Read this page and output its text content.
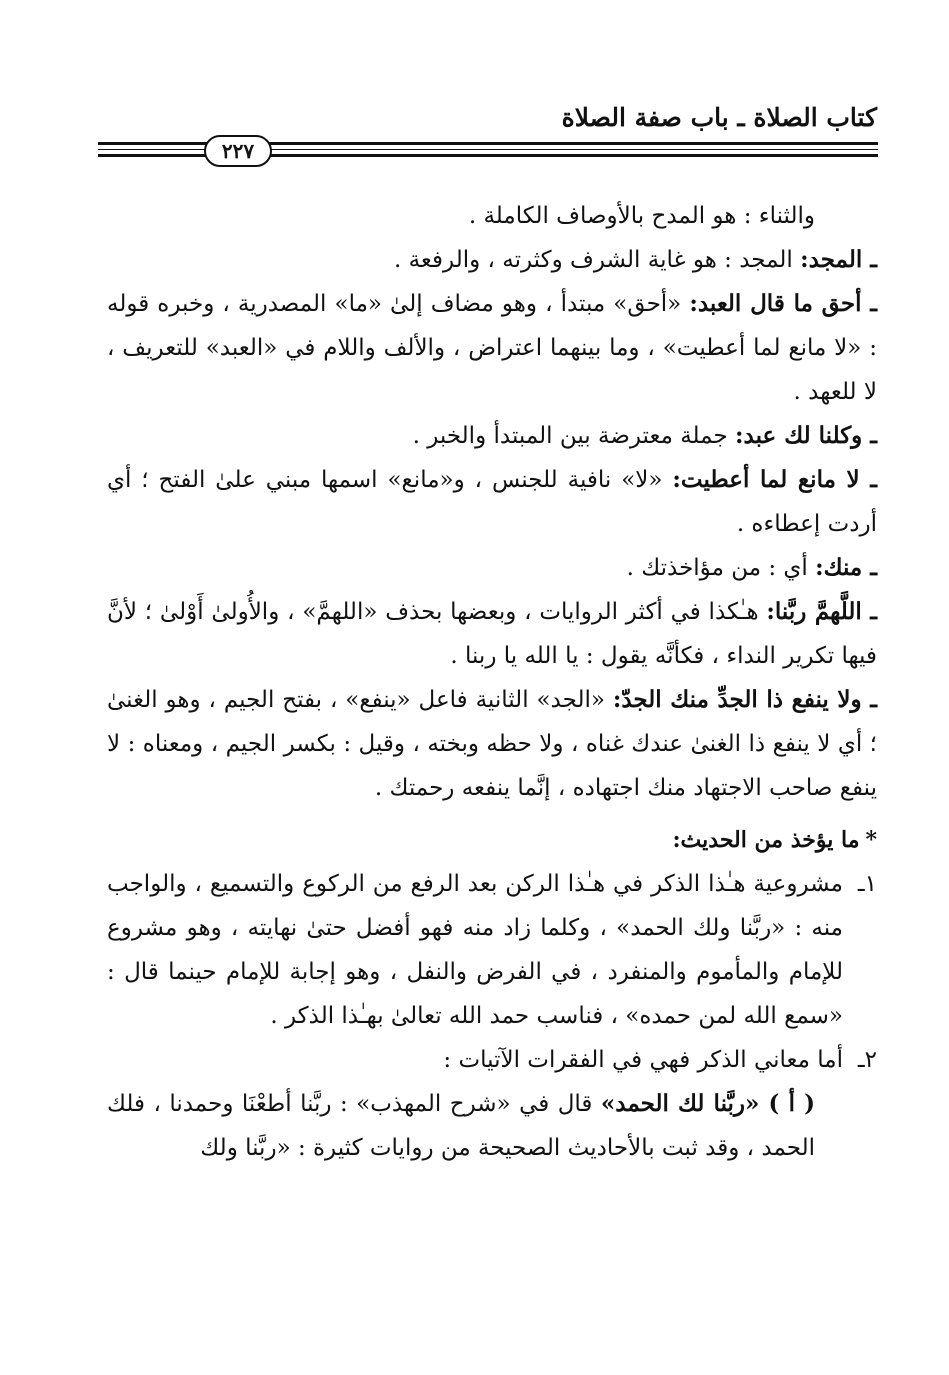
كتاب الصلاة ـ باب صفة الصلاة
٢٢٧

والثناء : هو المدح بالأوصاف الكاملة .

ـ المجد: المجد : هو غاية الشرف وكثرته ، والرفعة .

ـ أحق ما قال العبد: «أحق» مبتدأ ، وهو مضاف إلىٰ «ما» المصدرية ، وخبره قوله : «لا مانع لما أعطيت» ، وما بينهما اعتراض ، والألف واللام في «العبد» للتعريف ، لا للعهد .

ـ وكلنا لك عبد: جملة معترضة بين المبتدأ والخبر .

ـ لا مانع لما أعطيت: «لا» نافية للجنس ، و«مانع» اسمها مبني علىٰ الفتح ؛ أي أردت إعطاءه .

ـ منك: أي : من مؤاخذتك .

ـ اللَّهمَّ ربَّنا: هـٰكذا في أكثر الروايات ، وبعضها بحذف «اللهمَّ» ، والأُولىٰ أَوْلىٰ ؛ لأنَّ فيها تكرير النداء ، فكأنَّه يقول : يا الله يا ربنا .

ـ ولا ينفع ذا الجدِّ منك الجدّ: «الجد» الثانية فاعل «ينفع» ، بفتح الجيم ، وهو الغنىٰ ؛ أي لا ينفع ذا الغنىٰ عندك غناه ، ولا حظه وبخته ، وقيل : بكسر الجيم ، ومعناه : لا ينفع صاحب الاجتهاد منك اجتهاده ، إنَّما ينفعه رحمتك .

*ما يؤخذ من الحديث:

١ـمشروعية هـٰذا الذكر في هـٰذا الركن بعد الرفع من الركوع والتسميع ، والواجب منه : «ربَّنا ولك الحمد» ، وكلما زاد منه فهو أفضل حتىٰ نهايته ، وهو مشروع للإمام والمأموم والمنفرد ، في الفرض والنفل ، وهو إجابة للإمام حينما قال : «سمع الله لمن حمده» ، فناسب حمد الله تعالىٰ بهـٰذا الذكر .

٢ـأما معاني الذكر فهي في الفقرات الآتيات :

( أ ) «ربَّنا لك الحمد» قال في «شرح المهذب» : ربَّنا أطعْنَا وحمدنا ، فلك الحمد ، وقد ثبت بالأحاديث الصحيحة من روايات كثيرة : «ربَّنا ولك
